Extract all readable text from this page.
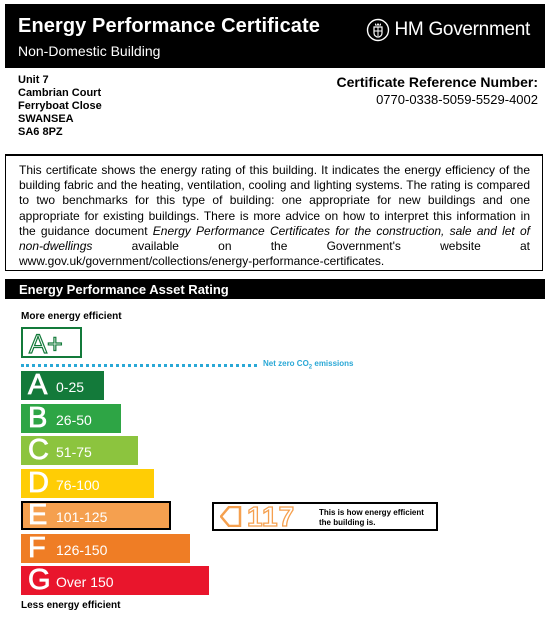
Energy Performance Certificate
Non-Domestic Building
HM Government
Unit 7
Cambrian Court
Ferryboat Close
SWANSEA
SA6 8PZ
Certificate Reference Number:
0770-0338-5059-5529-4002
This certificate shows the energy rating of this building. It indicates the energy efficiency of the building fabric and the heating, ventilation, cooling and lighting systems. The rating is compared to two benchmarks for this type of building: one appropriate for new buildings and one appropriate for existing buildings. There is more advice on how to interpret this information in the guidance document Energy Performance Certificates for the construction, sale and let of non-dwellings available on the Government's website at www.gov.uk/government/collections/energy-performance-certificates.
Energy Performance Asset Rating
More energy efficient
A+
Net zero $CO_2$ emissions
A 0-25
B 26-50
C 51-75
D 76-100
E 101-125
F 126-150
G Over 150
Less energy efficient
117	This is how energy efficient
the building is.
